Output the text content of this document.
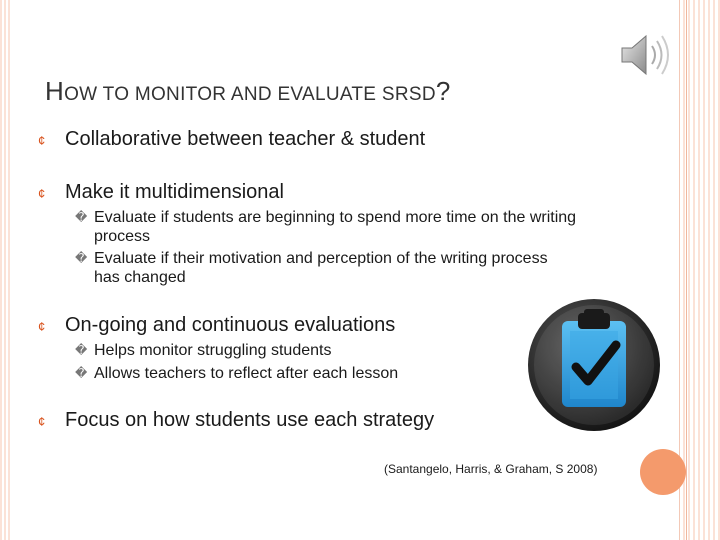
HOW TO MONITOR AND EVALUATE SRSD?
¢ Collaborative between teacher & student
¢ Make it multidimensional
� Evaluate if students are beginning to spend more time on the writing process
� Evaluate if their motivation and perception of the writing process has changed
¢ On-going and continuous evaluations
� Helps monitor struggling students
� Allows teachers to reflect after each lesson
¢ Focus on how students use each strategy
(Santangelo, Harris, & Graham, S 2008)
